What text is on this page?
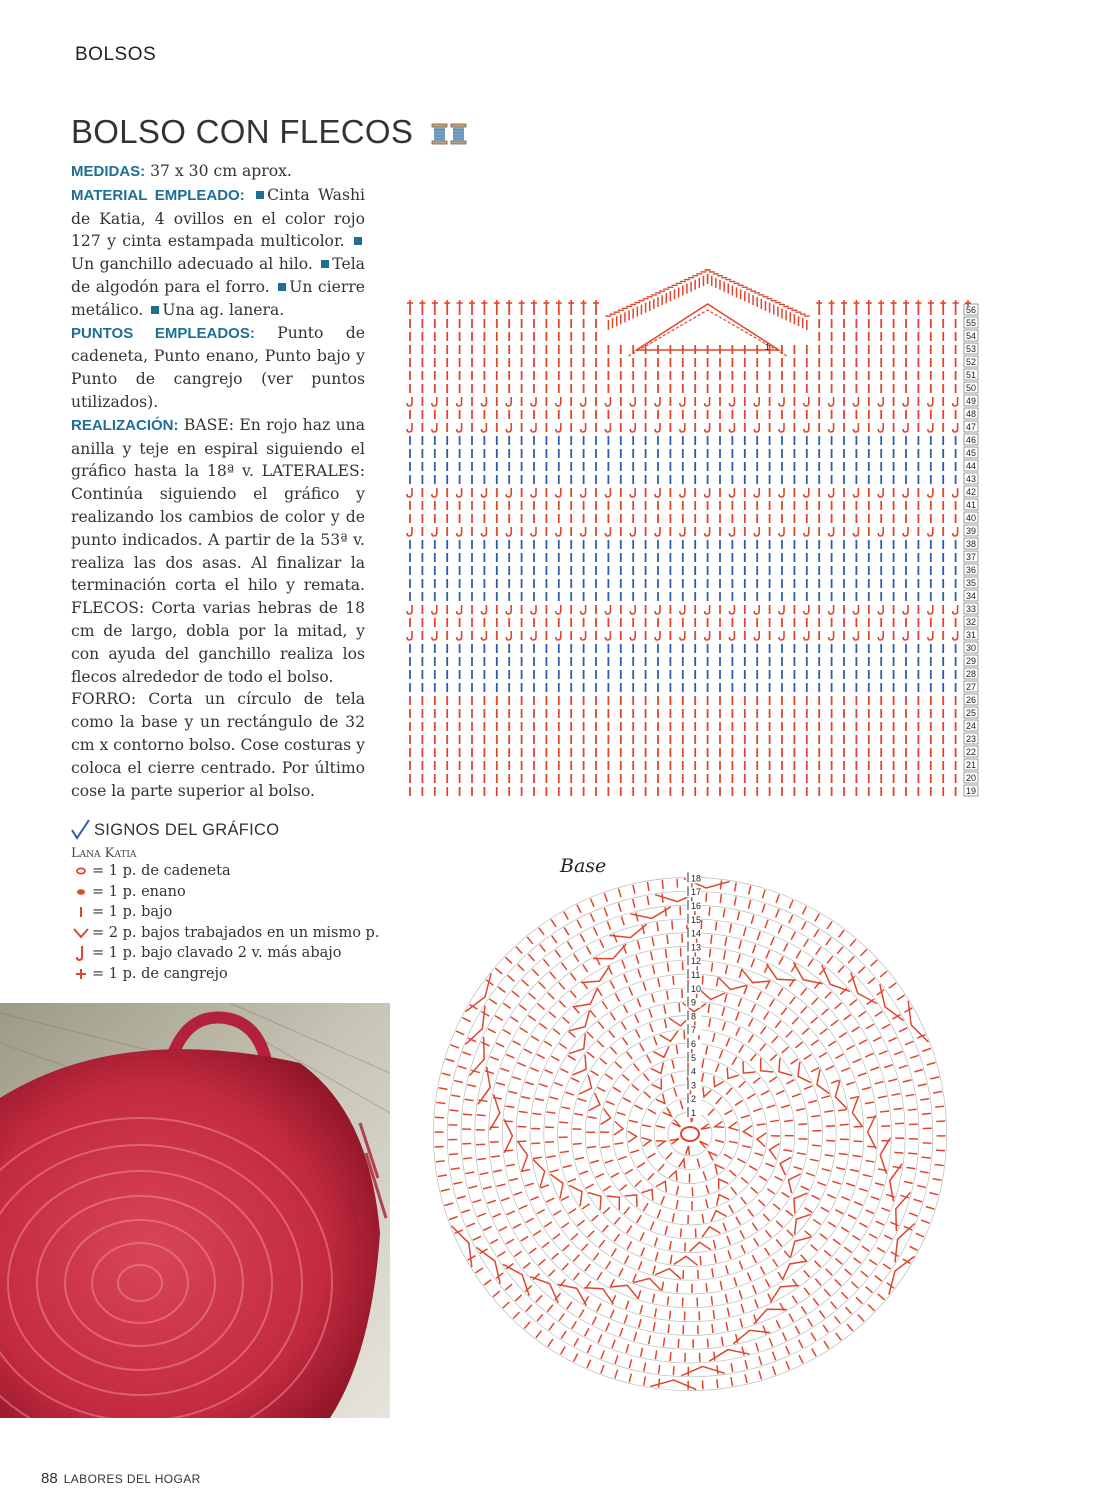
BOLSOS
BOLSO CON FLECOS

MEDIDAS: 37 x 30 cm aprox.

MATERIAL EMPLEADO: Cinta Washi de Katia, 4 ovillos en el color rojo 127 y cinta estampada multicolor. Un ganchillo adecuado al hilo. Tela de algodón para el forro. Un cierre metálico. Una ag. lanera.

PUNTOS EMPLEADOS: Punto de cadeneta, Punto enano, Punto bajo y Punto de cangrejo (ver puntos utilizados).

REALIZACIÓN: BASE: En rojo haz una anilla y teje en espiral siguiendo el gráfico hasta la 18ª v. LATERALES: Continúa siguiendo el gráfico y realizando los cambios de color y de punto indicados. A partir de la 53ª v. realiza las dos asas. Al finalizar la terminación corta el hilo y remata. FLECOS: Corta varias hebras de 18 cm de largo, dobla por la mitad, y con ayuda del ganchillo realiza los flecos alrededor de todo el bolso.

FORRO: Corta un círculo de tela como la base y un rectángulo de 32 cm x contorno bolso. Cose costuras y coloca el cierre centrado. Por último cose la parte superior al bolso.

SIGNOS DEL GRÁFICO
Lana Katia
= 1 p. de cadeneta
= 1 p. enano
= 1 p. bajo
= 2 p. bajos trabajados en un mismo p.
= 1 p. bajo clavado 2 v. más abajo
= 1 p. de cangrejo
19
20
21
22
23
24
25
26
27
28
29
30
31
32
33
34
35
36
37
38
39
40
41
42
43
44
45
46
47
48
49
50
51
52
53
54
55
56
1
Base
1
2
3
4
5
6
7
8
9
10
11
12
13
14
15
16
17
18
88 LABORES DEL HOGAR
